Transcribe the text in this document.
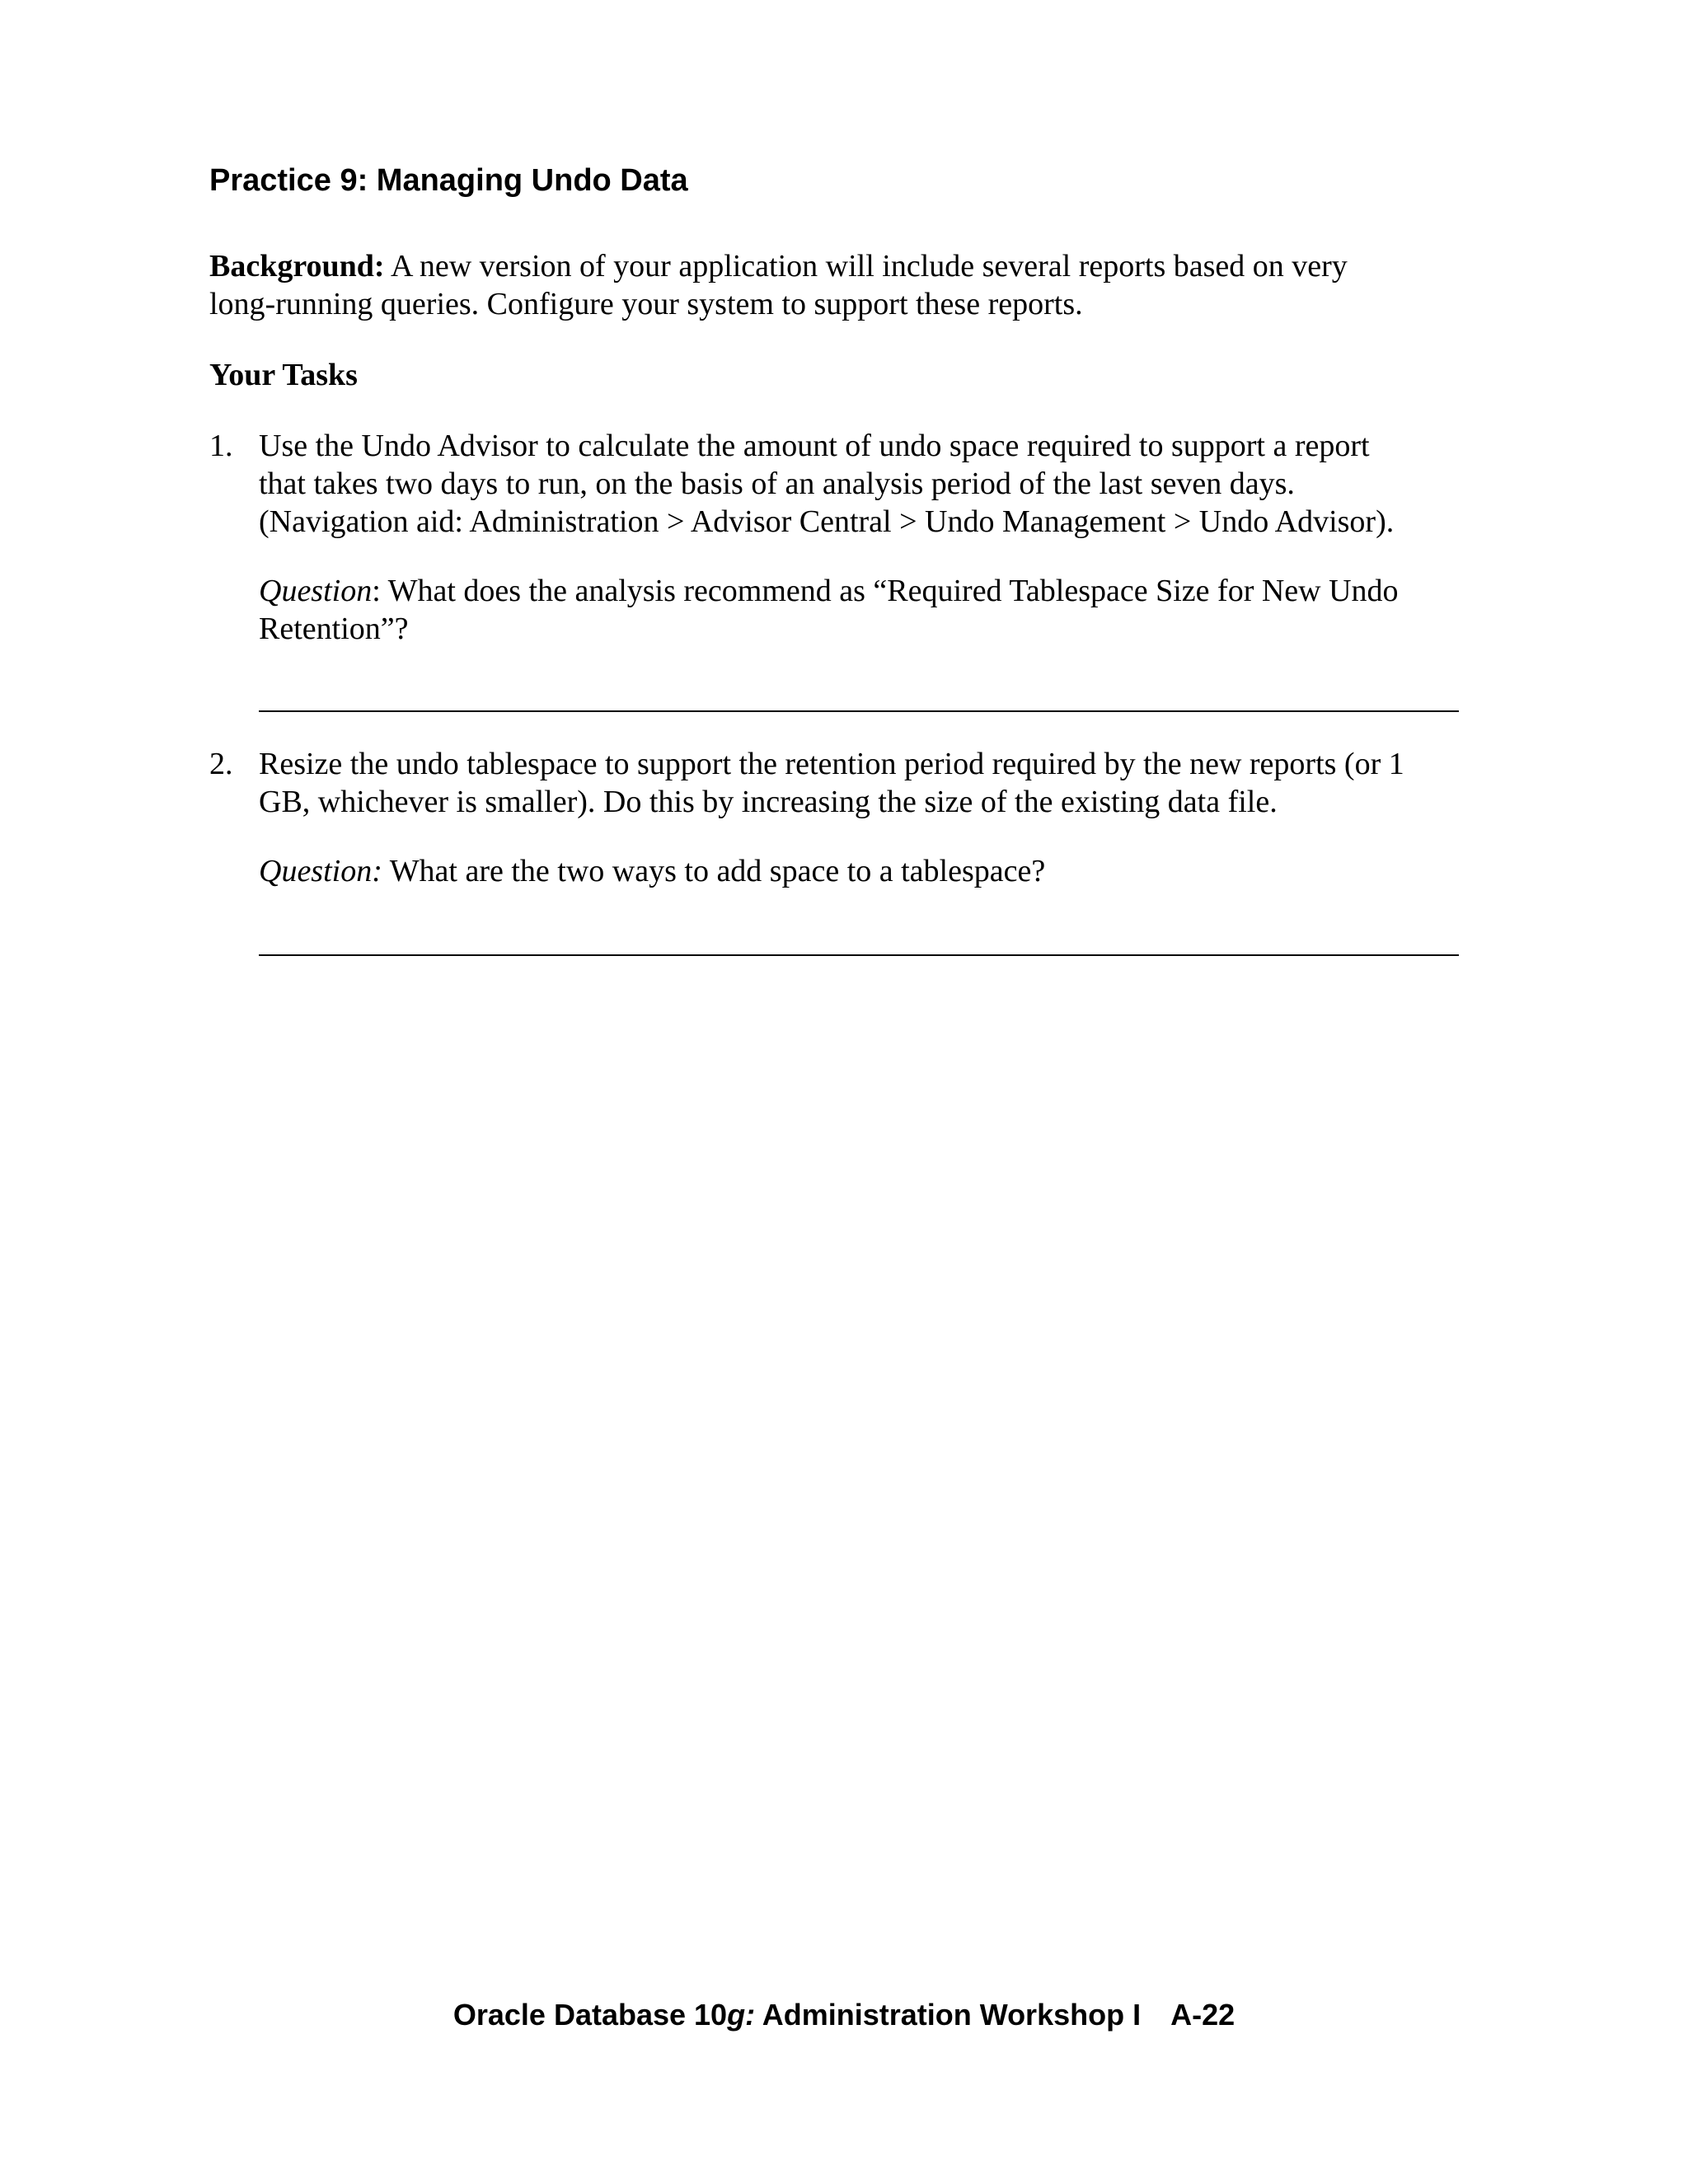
Practice 9: Managing Undo Data
Background: A new version of your application will include several reports based on very
long-running queries. Configure your system to support these reports.
Your Tasks
1. Use the Undo Advisor to calculate the amount of undo space required to support a report
that takes two days to run, on the basis of an analysis period of the last seven days.
(Navigation aid: Administration > Advisor Central > Undo Management > Undo Advisor).
Question: What does the analysis recommend as “Required Tablespace Size for New Undo
Retention”?
2. Resize the undo tablespace to support the retention period required by the new reports (or 1
GB, whichever is smaller). Do this by increasing the size of the existing data file.
Question: What are the two ways to add space to a tablespace?
Oracle Database 10g: Administration Workshop I A-22
